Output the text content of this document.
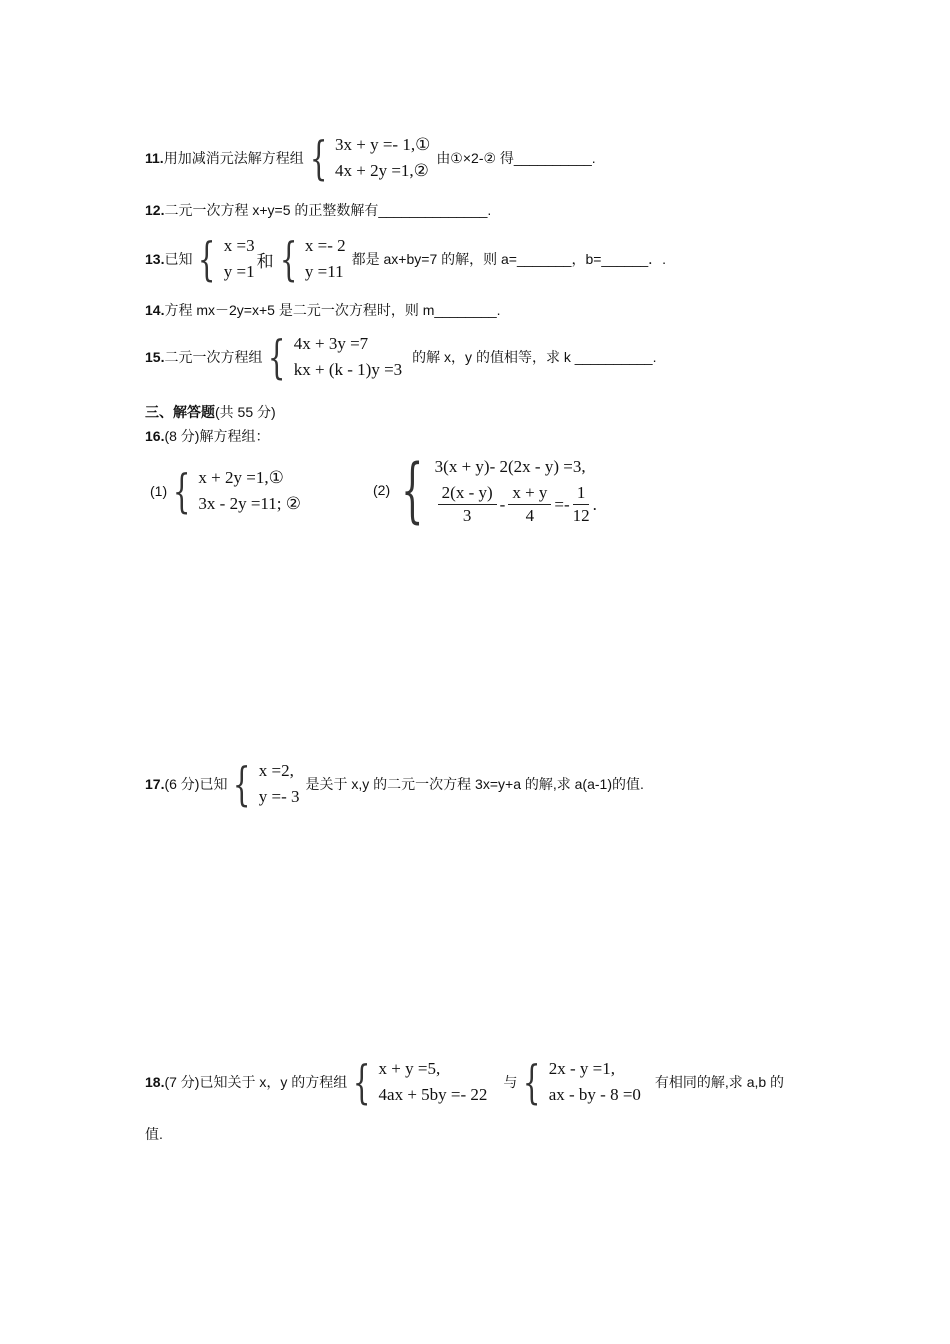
11. 用加减消元法解方程组 { 3x + y =- 1,①
4x + 2y =1,②
由①×2-② 得__________.
12. 二元一次方程 x+y=5 的正整数解有______________.
13. 已知 { x =3
y =1
和 { x =- 2
y =11
都是 ax+by=7 的解，则 a=_______，b=______．.
14. 方程 mx－2y=x+5 是二元一次方程时，则 m________.
15. 二元一次方程组 { 4x + 3y =7
kx + (k - 1)y =3
的解 x，y 的值相等，求 k __________.
三、解答题(共 55 分)
16.(8 分)解方程组：
(1) { x + 2y =1,①
3x - 2y =11; ②
(2) { 3(x + y)- 2(2x - y) =3,
$\frac{2(x - y)}{3} - \frac{x + y}{4} =- \frac{1}{12}$ .
17. (6 分)已知 { x =2,
y =- 3
是关于 x,y 的二元一次方程 3x=y+a 的解,求 a(a-1)的值.
18. (7 分)已知关于 x，y 的方程组 { x + y =5,
4ax + 5by =- 22
与 { 2x - y =1,
ax - by - 8 =0
有相同的解,求 a,b 的
值.
